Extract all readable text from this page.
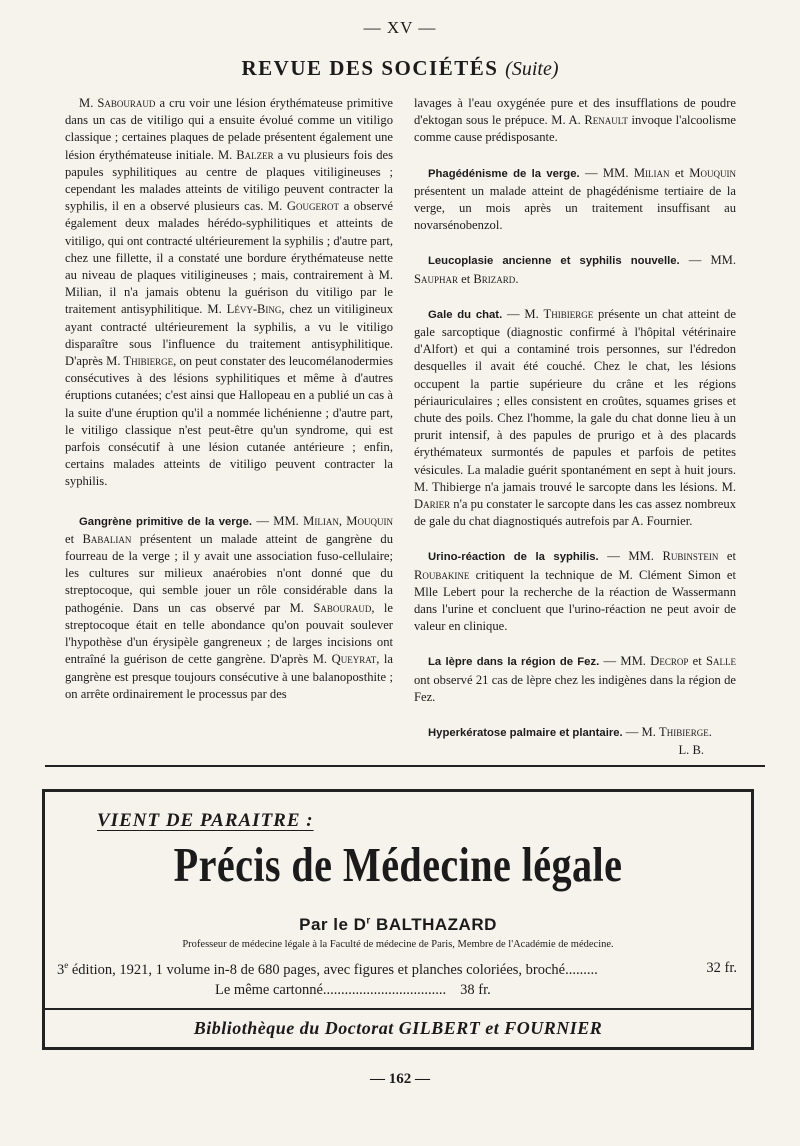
— XV —
REVUE DES SOCIÉTÉS (Suite)

M. Sabouraud a cru voir une lésion érythémateuse primitive dans un cas de vitiligo qui a ensuite évolué comme un vitiligo classique ; certaines plaques de pelade présentent également une lésion érythémateuse initiale. M. Balzer a vu plusieurs fois des papules syphilitiques au centre de plaques vitiligineuses ; cependant les malades atteints de vitiligo peuvent contracter la syphilis, il en a observé plusieurs cas. M. Gougerot a observé également deux malades hérédo-syphilitiques et atteints de vitiligo, qui ont contracté ultérieurement la syphilis ; d'autre part, chez une fillette, il a constaté une bordure érythémateuse nette au niveau de plaques vitiligineuses ; mais, contrairement à M. Milian, il n'a jamais obtenu la guérison du vitiligo par le traitement antisyphilitique. M. Lévy-Bing, chez un vitiligineux ayant contracté ultérieurement la syphilis, a vu le vitiligo disparaître sous l'influence du traitement antisyphilitique. D'après M. Thibierge, on peut constater des leucomélanodermies consécutives à des lésions syphilitiques et même à d'autres éruptions cutanées; c'est ainsi que Hallopeau en a publié un cas à la suite d'une éruption qu'il a nommée lichénienne ; d'autre part, le vitiligo classique n'est peut-être qu'un syndrome, qui est parfois consécutif à une lésion cutanée antérieure ; enfin, certains malades atteints de vitiligo peuvent contracter la syphilis.

Gangrène primitive de la verge. — MM. Milian, Mouquin et Babalian présentent un malade atteint de gangrène du fourreau de la verge ; il y avait une association fuso-cellulaire; les cultures sur milieux anaérobies n'ont donné que du streptocoque, qui semble jouer un rôle considérable dans la pathogénie. Dans un cas observé par M. Sabouraud, le streptocoque était en telle abondance qu'on pouvait soulever l'hypothèse d'un érysipèle gangreneux ; de larges incisions ont entraîné la guérison de cette gangrène. D'après M. Queyrat, la gangrène est presque toujours consécutive à une balanoposthite ; on arrête ordinairement le processus par des

lavages à l'eau oxygénée pure et des insufflations de poudre d'ektogan sous le prépuce. M. A. Renault invoque l'alcoolisme comme cause prédisposante.

Phagédénisme de la verge. — MM. Milian et Mouquin présentent un malade atteint de phagédénisme tertiaire de la verge, un mois après un traitement insuffisant au novarsénobenzol.

Leucoplasie ancienne et syphilis nouvelle. — MM. Sauphar et Brizard.

Gale du chat. — M. Thibierge présente un chat atteint de gale sarcoptique (diagnostic confirmé à l'hôpital vétérinaire d'Alfort) et qui a contaminé trois personnes, sur l'édredon desquelles il avait été couché. Chez le chat, les lésions occupent la partie supérieure du crâne et les régions périauriculaires ; elles consistent en croûtes, squames grises et chute des poils. Chez l'homme, la gale du chat donne lieu à un prurit intensif, à des papules de prurigo et à des placards érythémateux surmontés de papules et parfois de petites vésicules. La maladie guérit spontanément en sept à huit jours. M. Thibierge n'a jamais trouvé le sarcopte dans les lésions. M. Darier n'a pu constater le sarcopte dans les cas assez nombreux de gale du chat diagnostiqués autrefois par A. Fournier.

Urino-réaction de la syphilis. — MM. Rubinstein et Roubakine critiquent la technique de M. Clément Simon et Mlle Lebert pour la recherche de la réaction de Wassermann dans l'urine et concluent que l'urino-réaction ne peut avoir de valeur en clinique.

La lèpre dans la région de Fez. — MM. Decrop et Salle ont observé 21 cas de lèpre chez les indigènes dans la région de Fez.

Hyperkératose palmaire et plantaire. — M. Thibierge.

L. B.

VIENT DE PARAITRE :
Précis de Médecine légale
Par le $D^r$ BALTHAZARD
Professeur de médecine légale à la Faculté de médecine de Paris, Membre de l'Académie de médecine.
3e édition, 1921, 1 volume in-8 de 680 pages, avec figures et planches coloriées, broché.........	32 fr.
Le même cartonné.................................. 38 fr.
Bibliothèque du Doctorat GILBERT et FOURNIER
— 162 —
